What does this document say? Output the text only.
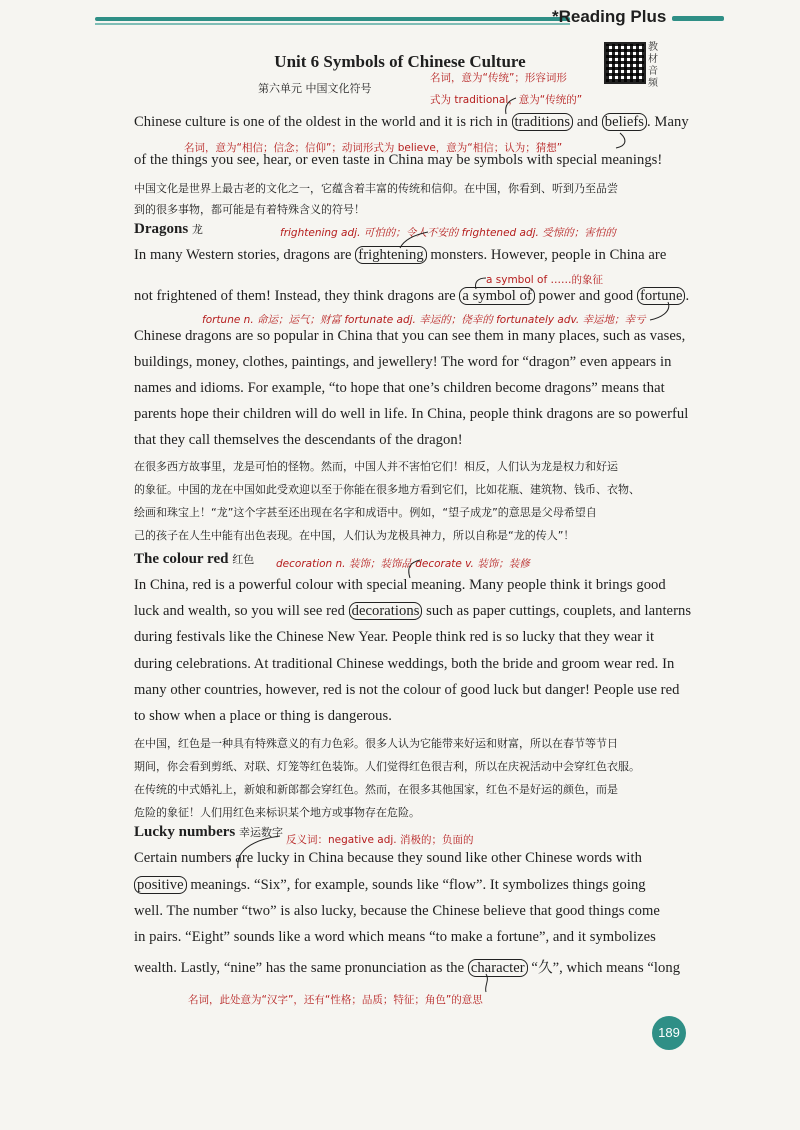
*Reading Plus
Unit 6 Symbols of Chinese Culture
第六单元 中国文化符号
教材音频
名词，意为“传统”；形容词形
式为 traditional，意为“传统的”
名词，意为“相信；信念；信仰”；动词形式为 believe，意为“相信；认为；猜想”
Chinese culture is one of the oldest in the world and it is rich in traditions and beliefs . Many
of the things you see, hear, or even taste in China may be symbols with special meanings!
中国文化是世界上最古老的文化之一，它蕴含着丰富的传统和信仰。在中国，你看到、听到乃至品尝
到的很多事物，都可能是有着特殊含义的符号！
Dragons 龙	frightening adj. 可怕的；令人不安的 frightened adj. 受惊的；害怕的
In many Western stories, dragons are frightening monsters. However, people in China are
a symbol of ……的象征
not frightened of them! Instead, they think dragons are a symbol of power and good fortune .
fortune n. 命运；运气；财富 fortunate adj. 幸运的；侥幸的 fortunately adv. 幸运地；幸亏
Chinese dragons are so popular in China that you can see them in many places, such as vases,
buildings, money, clothes, paintings, and jewellery! The word for “dragon” even appears in
names and idioms. For example, “to hope that one’s children become dragons” means that
parents hope their children will do well in life. In China, people think dragons are so powerful
that they call themselves the descendants of the dragon!
在很多西方故事里，龙是可怕的怪物。然而，中国人并不害怕它们！相反，人们认为龙是权力和好运
的象征。中国的龙在中国如此受欢迎以至于你能在很多地方看到它们，比如花瓶、建筑物、钱币、衣物、
绘画和珠宝上！“龙”这个字甚至还出现在名字和成语中。例如，“望子成龙”的意思是父母希望自
己的孩子在人生中能有出色表现。在中国，人们认为龙极具神力，所以自称是“龙的传人”！
The colour red 红色 decoration n. 装饰；装饰品 decorate v. 装饰；装修
In China, red is a powerful colour with special meaning. Many people think it brings good
luck and wealth, so you will see red decorations such as paper cuttings, couplets, and lanterns
during festivals like the Chinese New Year. People think red is so lucky that they wear it
during celebrations. At traditional Chinese weddings, both the bride and groom wear red. In
many other countries, however, red is not the colour of good luck but danger! People use red
to show when a place or thing is dangerous.
在中国，红色是一种具有特殊意义的有力色彩。很多人认为它能带来好运和财富，所以在春节等节日
期间，你会看到剪纸、对联、灯笼等红色装饰。人们觉得红色很吉利，所以在庆祝活动中会穿红色衣服。
在传统的中式婚礼上，新娘和新郎都会穿红色。然而，在很多其他国家，红色不是好运的颜色，而是
危险的象征！人们用红色来标识某个地方或事物存在危险。
Lucky numbers 幸运数字
反义词：negative adj. 消极的；负面的
Certain numbers are lucky in China because they sound like other Chinese words with
positive meanings. “Six”, for example, sounds like “flow”. It symbolizes things going
well. The number “two” is also lucky, because the Chinese believe that good things come
in pairs. “Eight” sounds like a word which means “to make a fortune”, and it symbolizes
wealth. Lastly, “nine” has the same pronunciation as the character “久”, which means “long
名词，此处意为“汉字”，还有“性格；品质；特征；角色”的意思
189
